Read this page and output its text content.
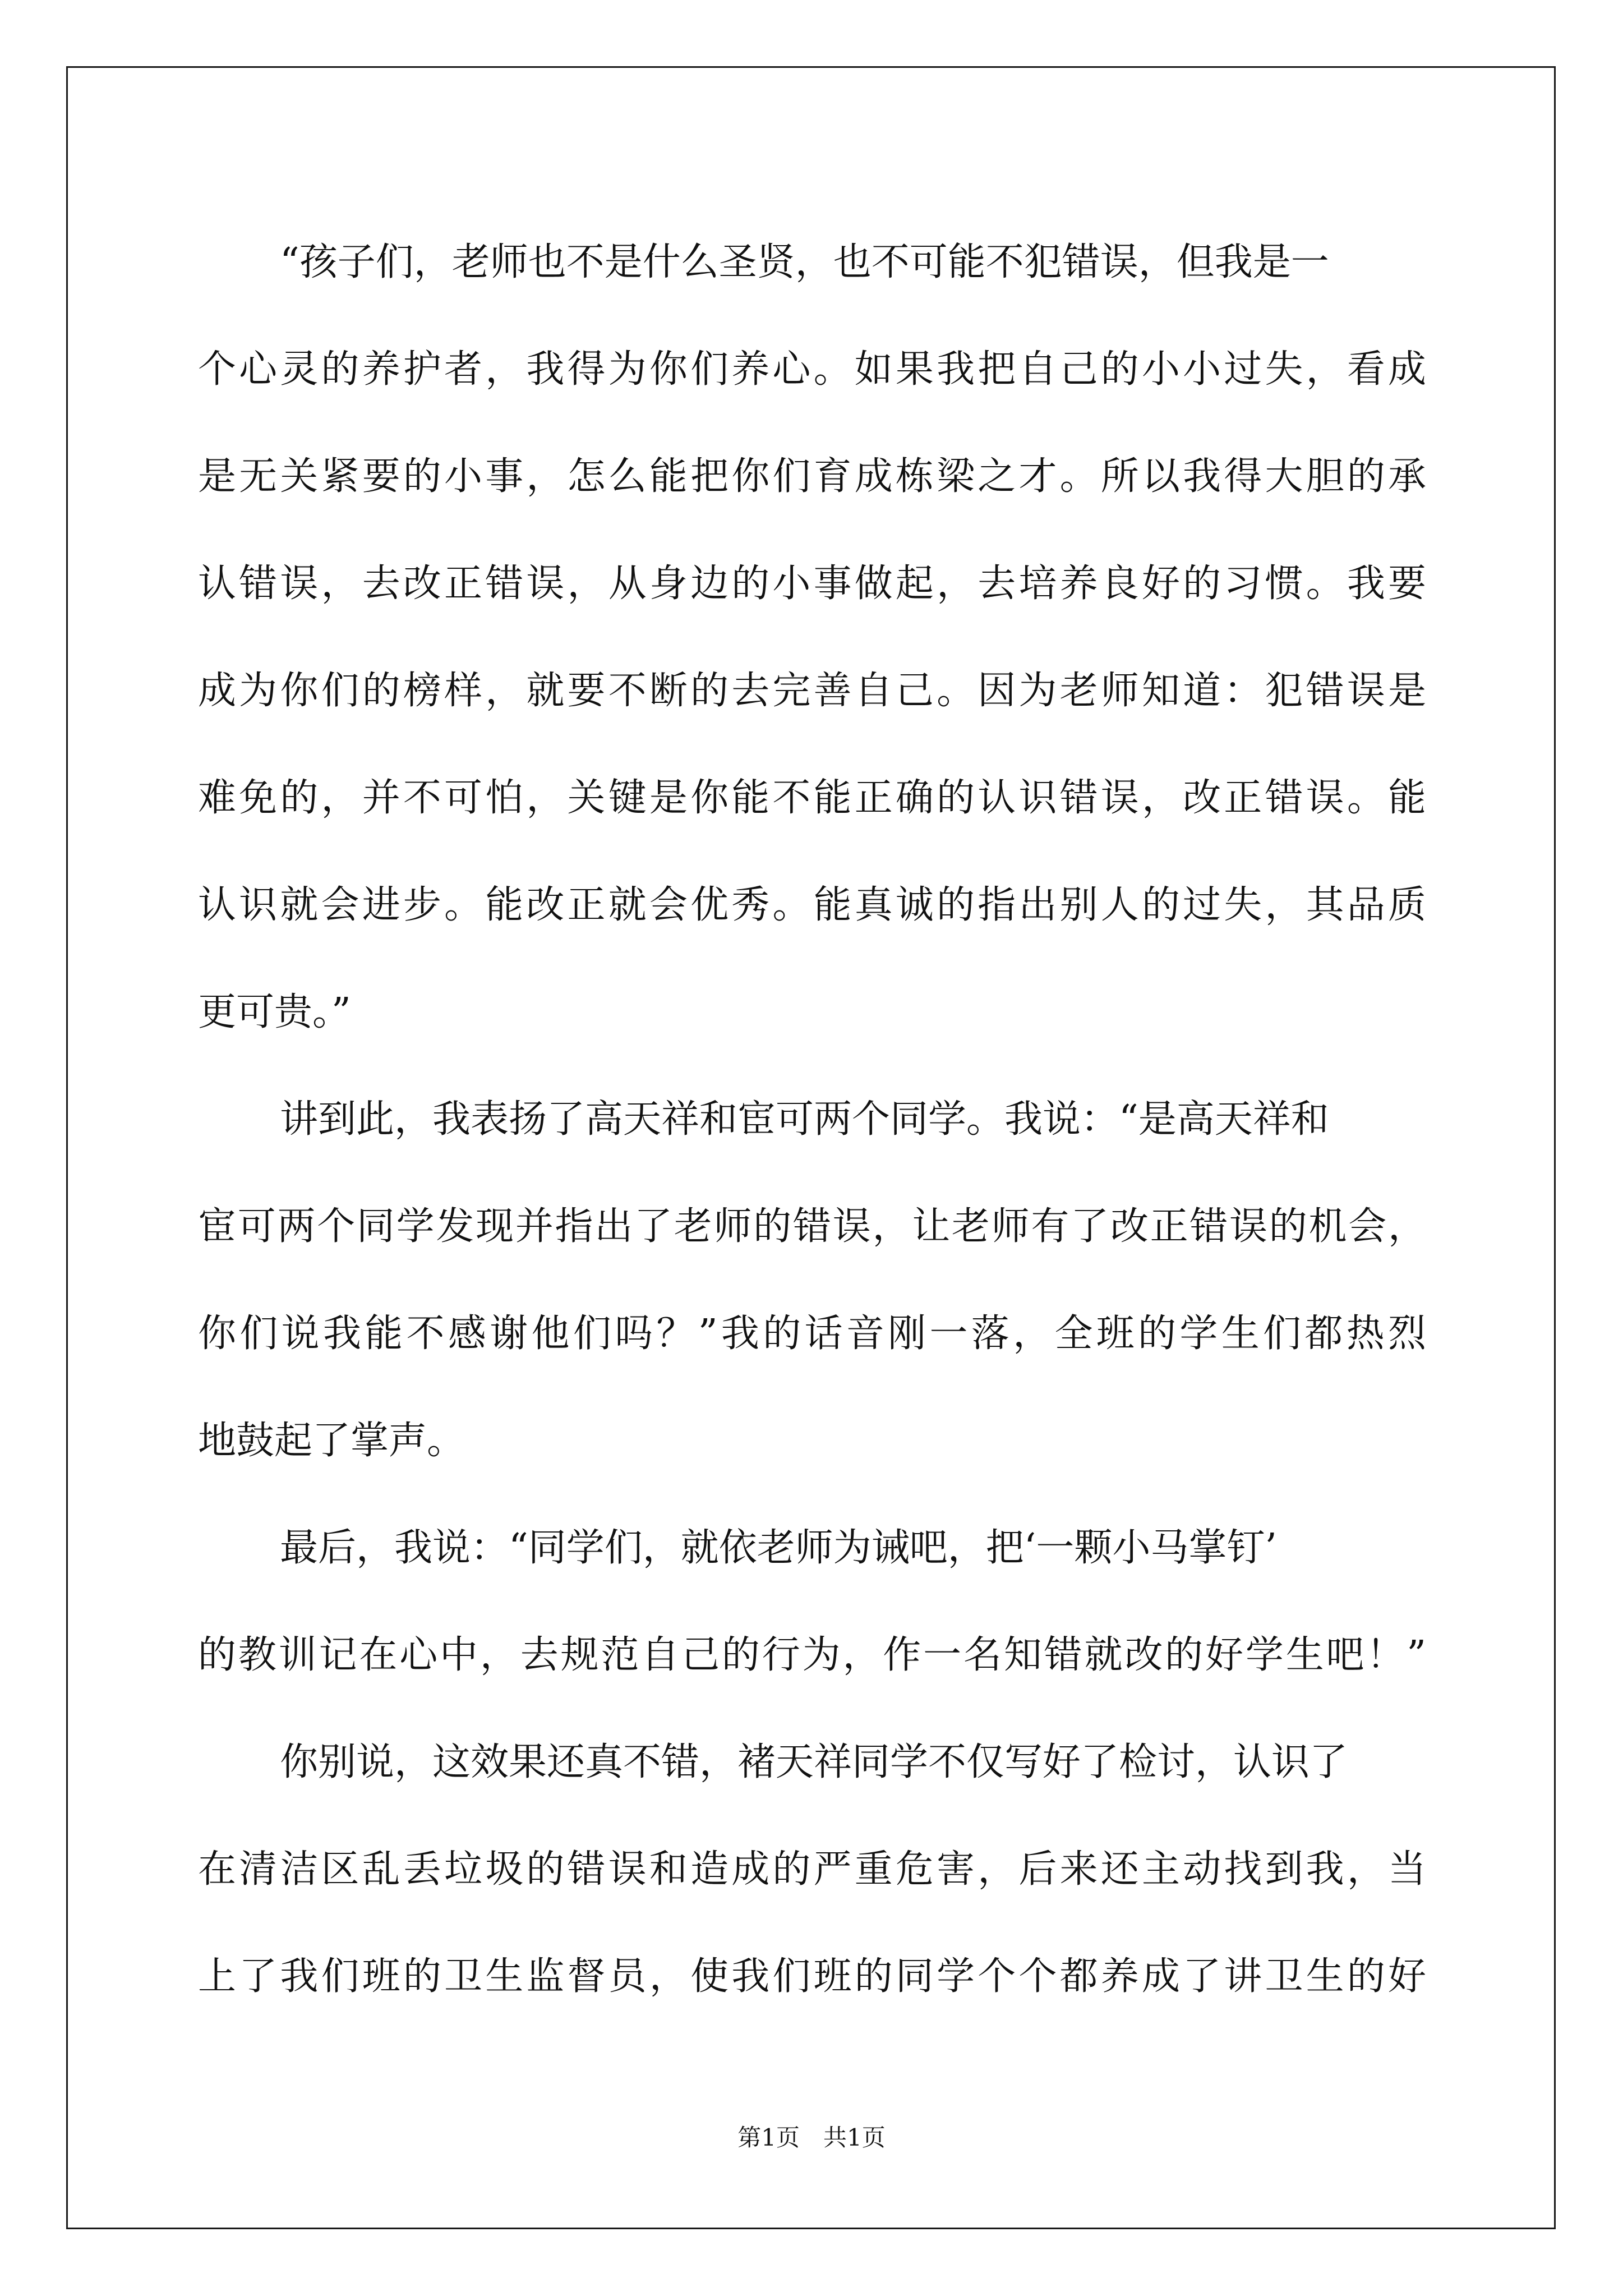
“孩子们，老师也不是什么圣贤，也不可能不犯错误，但我是一
个心灵的养护者，我得为你们养心。如果我把自己的小小过失，看成
是无关紧要的小事，怎么能把你们育成栋梁之才。所以我得大胆的承
认错误，去改正错误，从身边的小事做起，去培养良好的习惯。我要
成为你们的榜样，就要不断的去完善自己。因为老师知道：犯错误是
难免的，并不可怕，关键是你能不能正确的认识错误，改正错误。能
认识就会进步。能改正就会优秀。能真诚的指出别人的过失，其品质
更可贵。”
讲到此，我表扬了高天祥和宦可两个同学。我说：“是高天祥和
宦可两个同学发现并指出了老师的错误，让老师有了改正错误的机会，
你们说我能不感谢他们吗？”我的话音刚一落，全班的学生们都热烈
地鼓起了掌声。
最后，我说：“同学们，就依老师为诫吧，把‘一颗小马掌钉’
的教训记在心中，去规范自己的行为，作一名知错就改的好学生吧！”
你别说，这效果还真不错，褚天祥同学不仅写好了检讨，认识了
在清洁区乱丢垃圾的错误和造成的严重危害，后来还主动找到我，当
上了我们班的卫生监督员，使我们班的同学个个都养成了讲卫生的好
第1页　共1页
